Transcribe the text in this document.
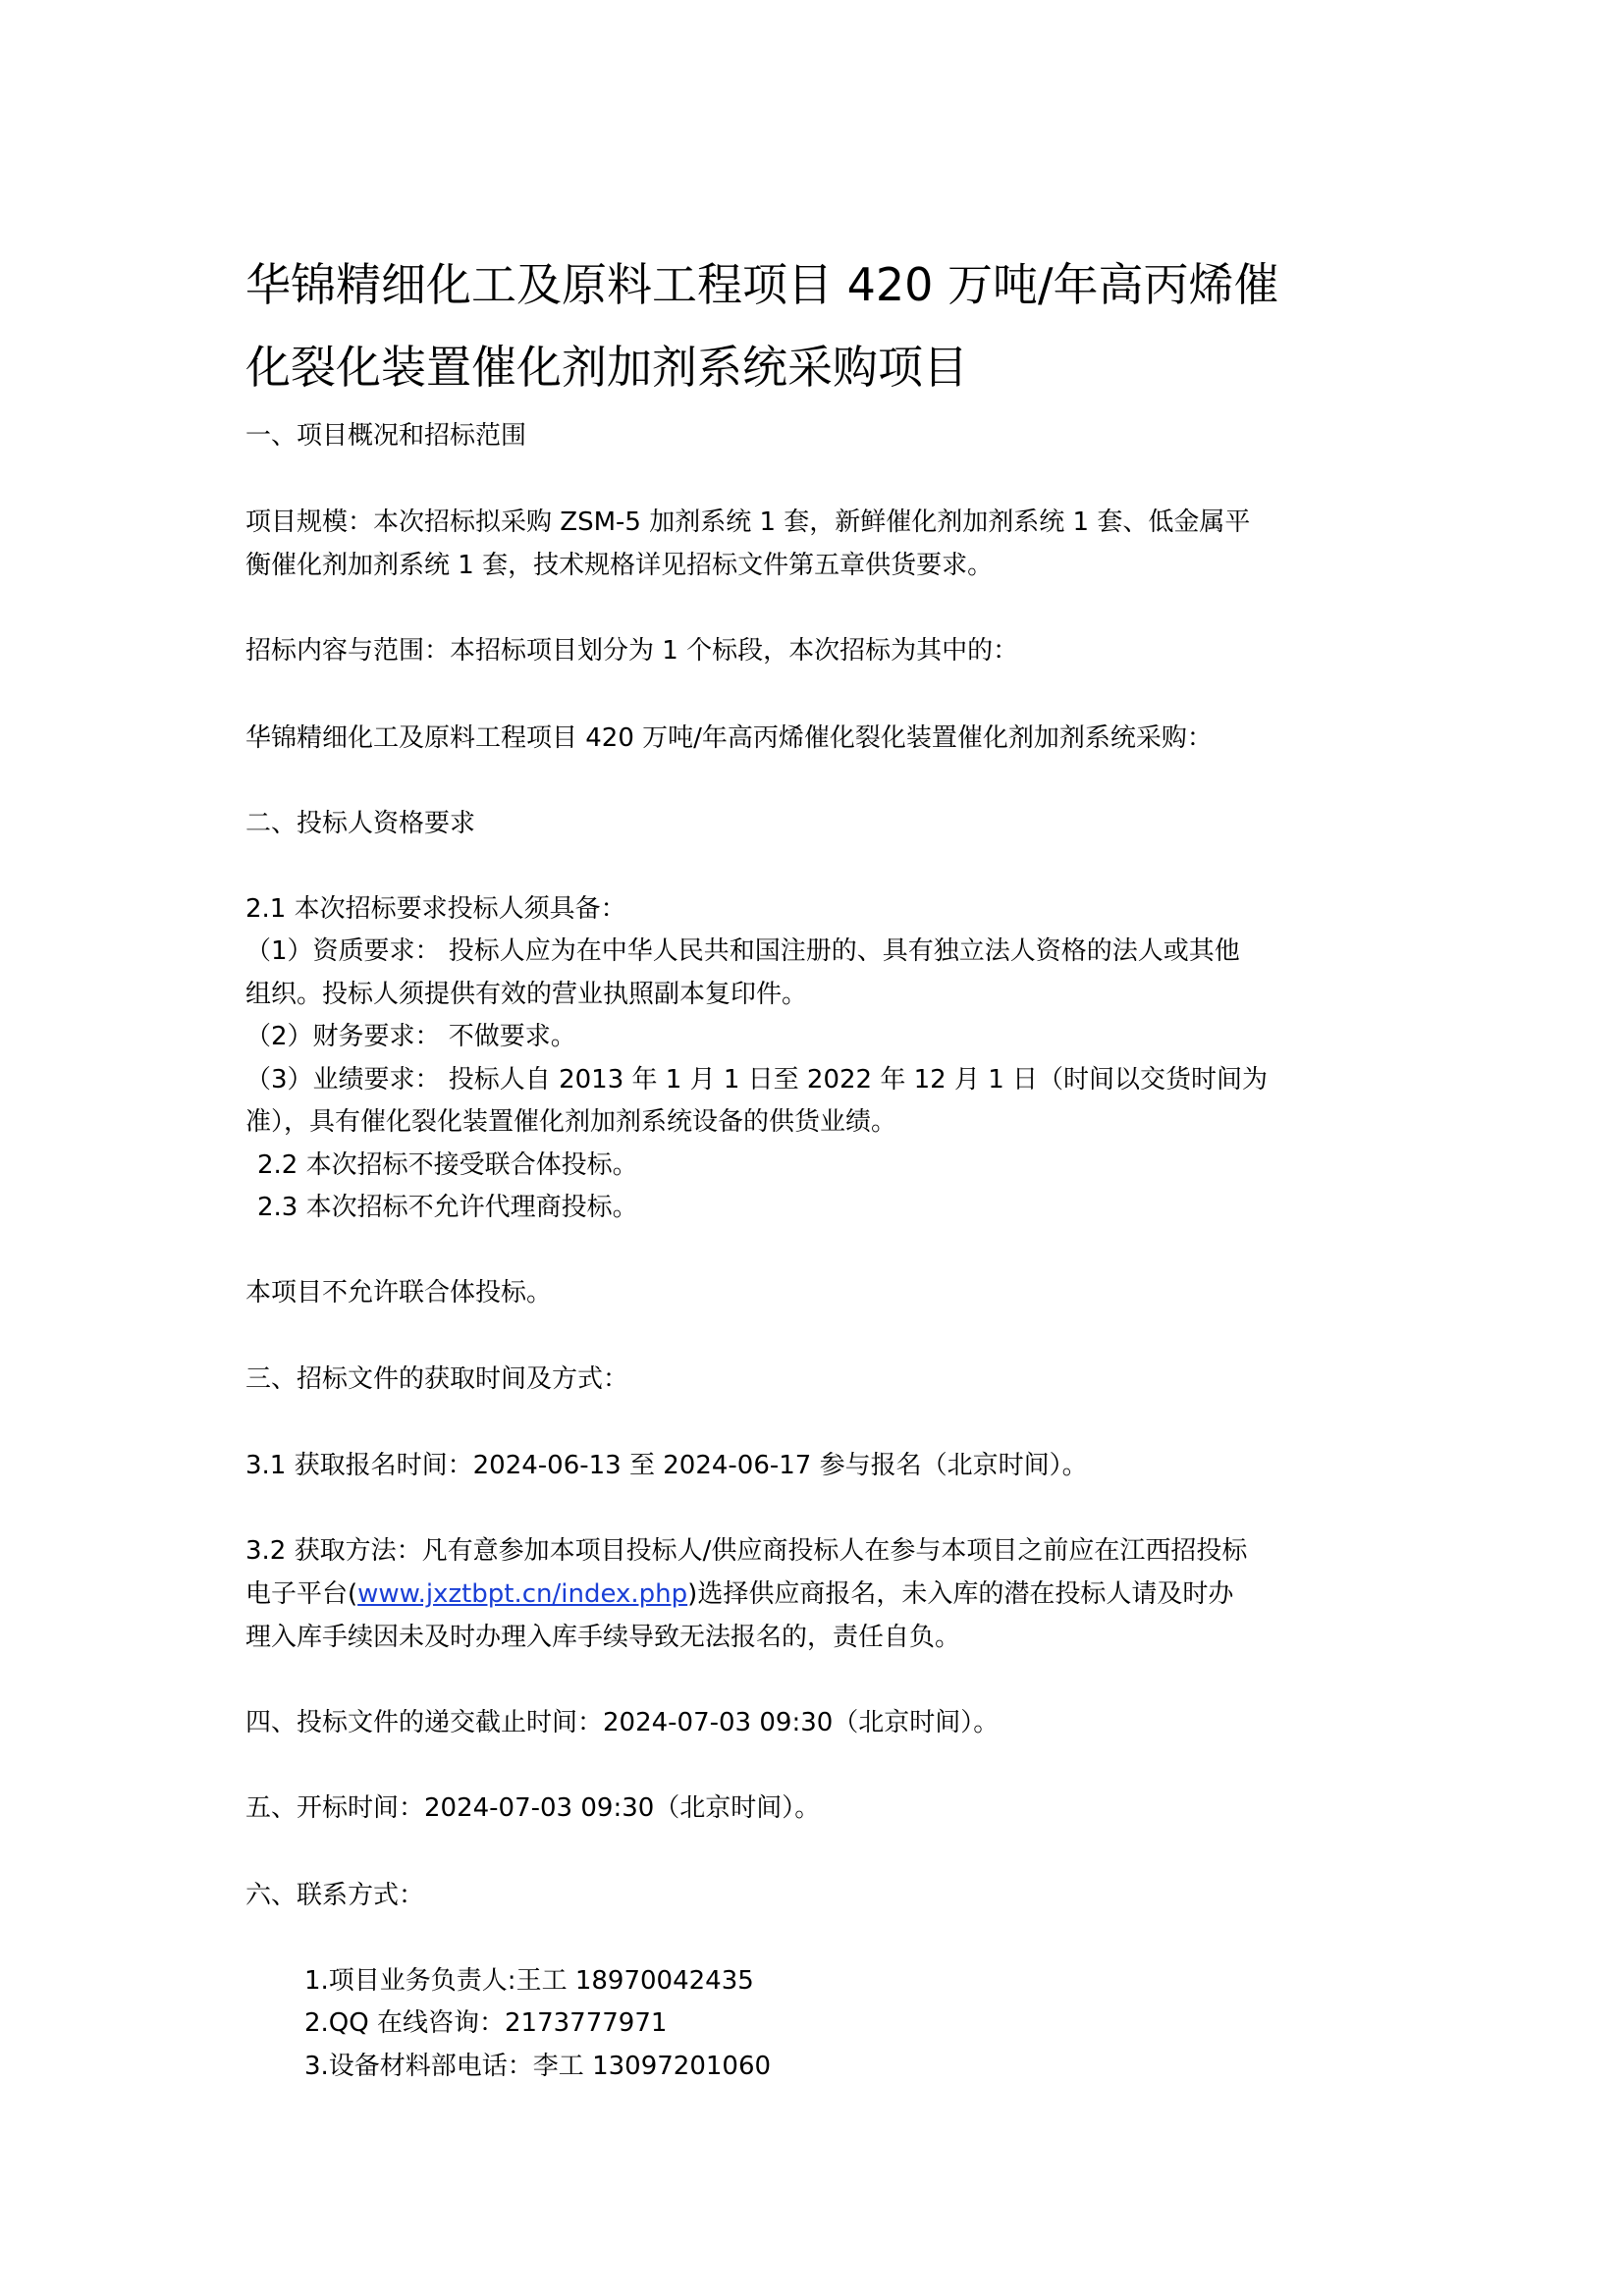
华锦精细化工及原料工程项目 420 万吨/年高丙烯催
化裂化装置催化剂加剂系统采购项目
一、项目概况和招标范围
项目规模：本次招标拟采购 ZSM-5 加剂系统 1 套，新鲜催化剂加剂系统 1 套、低金属平
衡催化剂加剂系统 1 套，技术规格详见招标文件第五章供货要求。
招标内容与范围：本招标项目划分为 1 个标段，本次招标为其中的：
华锦精细化工及原料工程项目 420 万吨/年高丙烯催化裂化装置催化剂加剂系统采购：
二、投标人资格要求
2.1 本次招标要求投标人须具备：
（1）资质要求： 投标人应为在中华人民共和国注册的、具有独立法人资格的法人或其他
组织。投标人须提供有效的营业执照副本复印件。
（2）财务要求： 不做要求。
（3）业绩要求： 投标人自 2013 年 1 月 1 日至 2022 年 12 月 1 日（时间以交货时间为
准），具有催化裂化装置催化剂加剂系统设备的供货业绩。
2.2 本次招标不接受联合体投标。
2.3 本次招标不允许代理商投标。
本项目不允许联合体投标。
三、招标文件的获取时间及方式：
3.1 获取报名时间：2024-06-13 至 2024-06-17 参与报名（北京时间）。
3.2 获取方法：凡有意参加本项目投标人/供应商投标人在参与本项目之前应在江西招投标
电子平台(www.jxztbpt.cn/index.php)选择供应商报名，未入库的潜在投标人请及时办
理入库手续因未及时办理入库手续导致无法报名的，责任自负。
四、投标文件的递交截止时间：2024-07-03 09:30（北京时间）。
五、开标时间：2024-07-03 09:30（北京时间）。
六、联系方式：
1.项目业务负责人:王工 18970042435
2.QQ 在线咨询：2173777971
3.设备材料部电话：李工 13097201060
